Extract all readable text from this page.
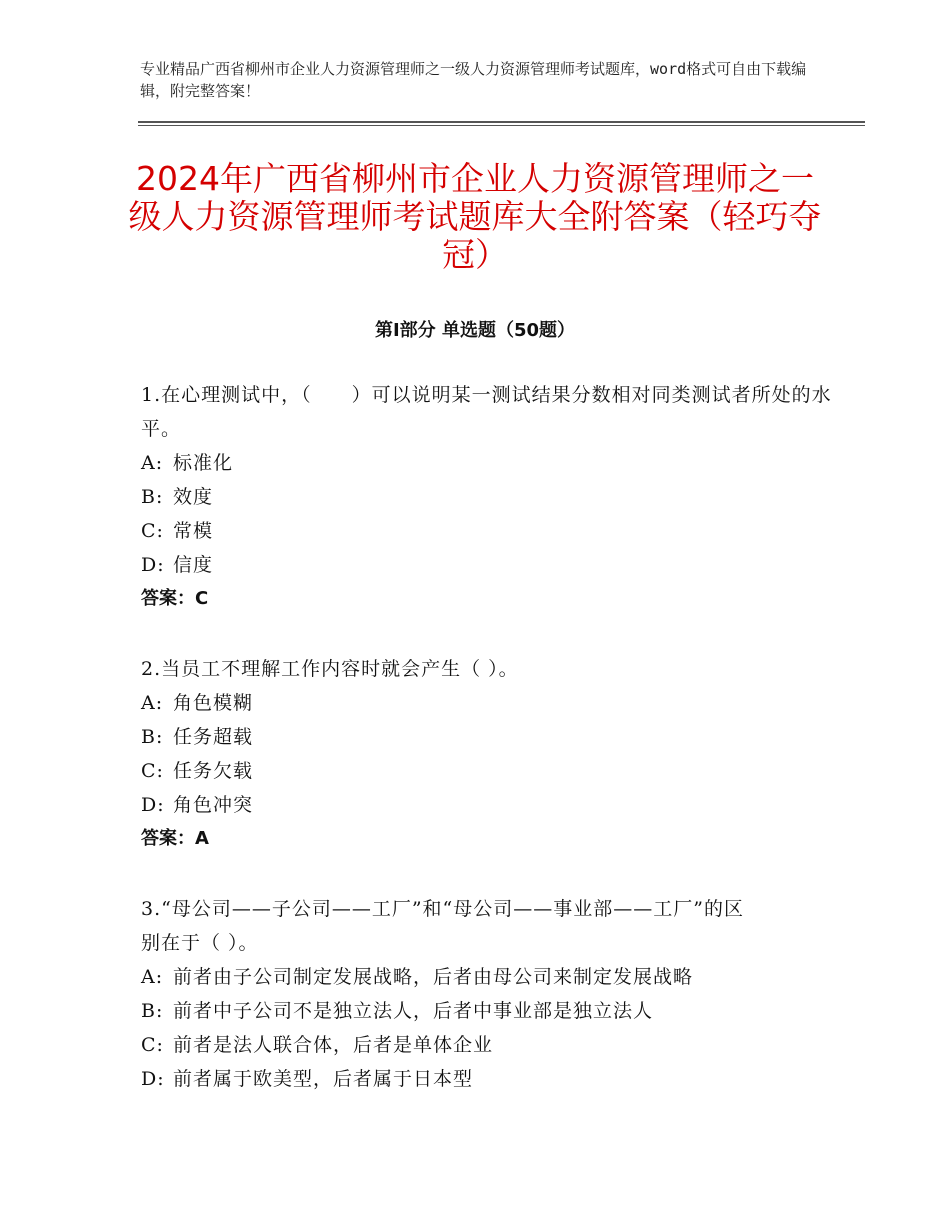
专业精品广西省柳州市企业人力资源管理师之一级人力资源管理师考试题库，word格式可自由下载编辑，附完整答案！
2024年广西省柳州市企业人力资源管理师之一级人力资源管理师考试题库大全附答案（轻巧夺冠）
第Ⅰ部分 单选题（50题）
1.在心理测试中，（　　）可以说明某一测试结果分数相对同类测试者所处的水平。
A: 标准化
B: 效度
C: 常模
D: 信度
答案：C
2.当员工不理解工作内容时就会产生（ ）。
A: 角色模糊
B: 任务超载
C: 任务欠载
D: 角色冲突
答案：A
3.“母公司——子公司——工厂”和“母公司——事业部——工厂”的区别在于（ ）。
A: 前者由子公司制定发展战略，后者由母公司来制定发展战略
B: 前者中子公司不是独立法人，后者中事业部是独立法人
C: 前者是法人联合体，后者是单体企业
D: 前者属于欧美型，后者属于日本型
